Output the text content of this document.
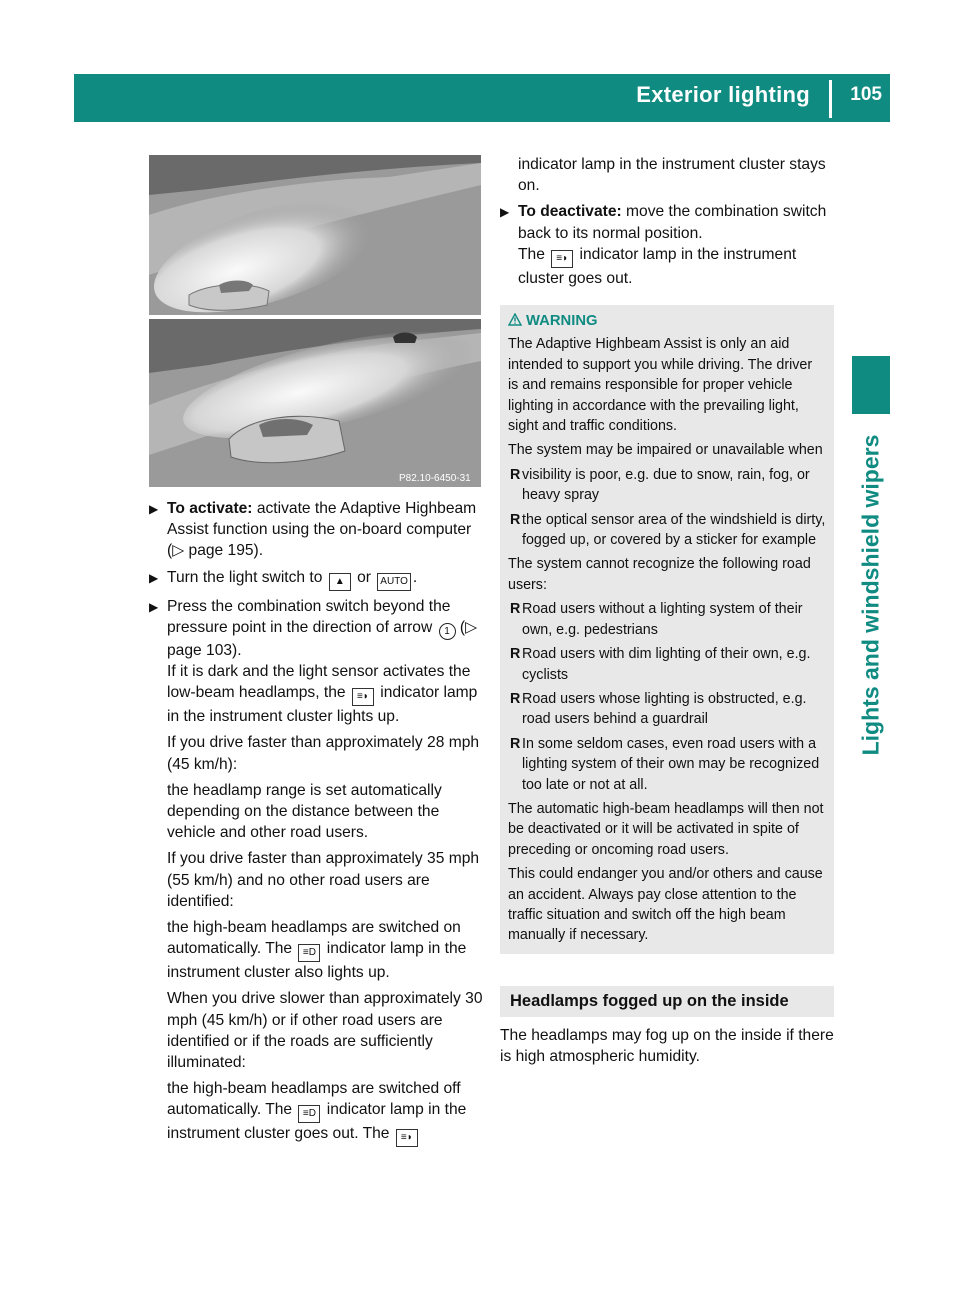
Exterior lighting 105
Lights and windshield wipers
P82.10-6450-31
▶ To activate: activate the Adaptive Highbeam Assist function using the on-board computer (▷ page 195).
▶ Turn the light switch to ▲ or AUTO .
▶ Press the combination switch beyond the pressure point in the direction of arrow 1 (▷ page 103).
If it is dark and the light sensor activates the low-beam headlamps, the ≡◗ indicator lamp in the instrument cluster lights up.

If you drive faster than approximately 28 mph (45 km/h):

the headlamp range is set automatically depending on the distance between the vehicle and other road users.

If you drive faster than approximately 35 mph (55 km/h) and no other road users are identified:

the high-beam headlamps are switched on automatically. The ≡D indicator lamp in the instrument cluster also lights up.

When you drive slower than approximately 30 mph (45 km/h) or if other road users are identified or if the roads are sufficiently illuminated:

the high-beam headlamps are switched off automatically. The ≡D indicator lamp in the instrument cluster goes out. The ≡◗

indicator lamp in the instrument cluster stays on.

▶ To deactivate: move the combination switch back to its normal position.
The ≡◗ indicator lamp in the instrument cluster goes out.
WARNING

The Adaptive Highbeam Assist is only an aid intended to support you while driving. The driver is and remains responsible for proper vehicle lighting in accordance with the prevailing light, sight and traffic conditions.

The system may be impaired or unavailable when

R visibility is poor, e.g. due to snow, rain, fog, or heavy spray
R the optical sensor area of the windshield is dirty, fogged up, or covered by a sticker for example

The system cannot recognize the following road users:

R Road users without a lighting system of their own, e.g. pedestrians
R Road users with dim lighting of their own, e.g. cyclists
R Road users whose lighting is obstructed, e.g. road users behind a guardrail
R In some seldom cases, even road users with a lighting system of their own may be recognized too late or not at all.

The automatic high-beam headlamps will then not be deactivated or it will be activated in spite of preceding or oncoming road users.

This could endanger you and/or others and cause an accident. Always pay close attention to the traffic situation and switch off the high beam manually if necessary.

Headlamps fogged up on the inside

The headlamps may fog up on the inside if there is high atmospheric humidity.
